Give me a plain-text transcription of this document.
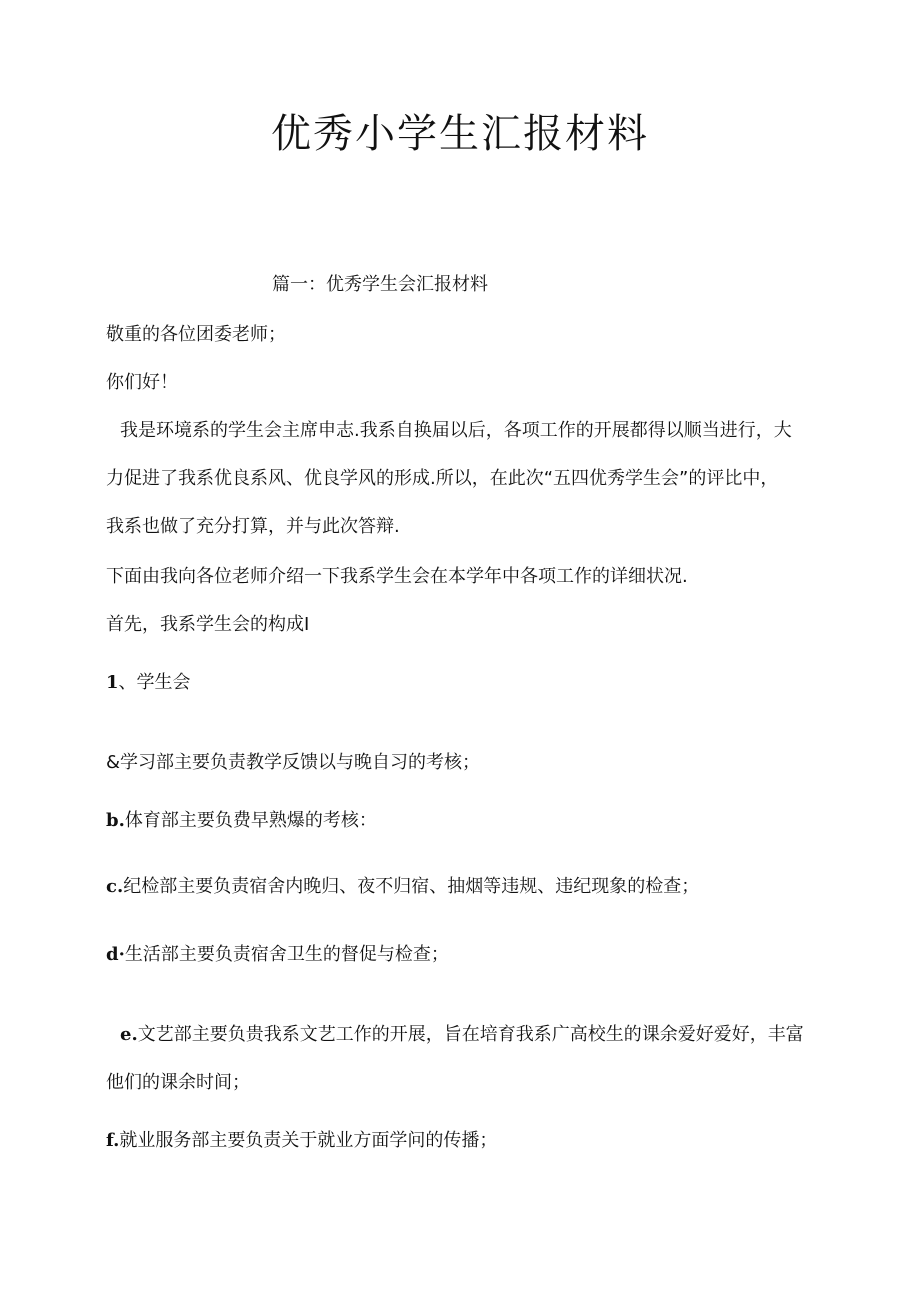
优秀小学生汇报材料
篇一：优秀学生会汇报材料
敬重的各位团委老师；
你们好！
我是环境系的学生会主席申志.我系自换届以后，各项工作的开展都得以顺当进行，大
力促进了我系优良系风、优良学风的形成.所以，在此次“五四优秀学生会”的评比中，
我系也做了充分打算，并与此次答辩.
下面由我向各位老师介绍一下我系学生会在本学年中各项工作的详细状况.
首先，我系学生会的构成I
1、学生会
&学习部主要负责教学反馈以与晚自习的考核；
b.体育部主要负费早熟爆的考核：
c.纪检部主要负责宿舍内晚归、夜不归宿、抽烟等违规、违纪现象的检查；
d·生活部主要负责宿舍卫生的督促与检查；
e.文艺部主要负贵我系文艺工作的开展，旨在培育我系广高校生的课余爱好爱好，丰富
他们的课余时间；
f.就业服务部主要负责关于就业方面学问的传播；
